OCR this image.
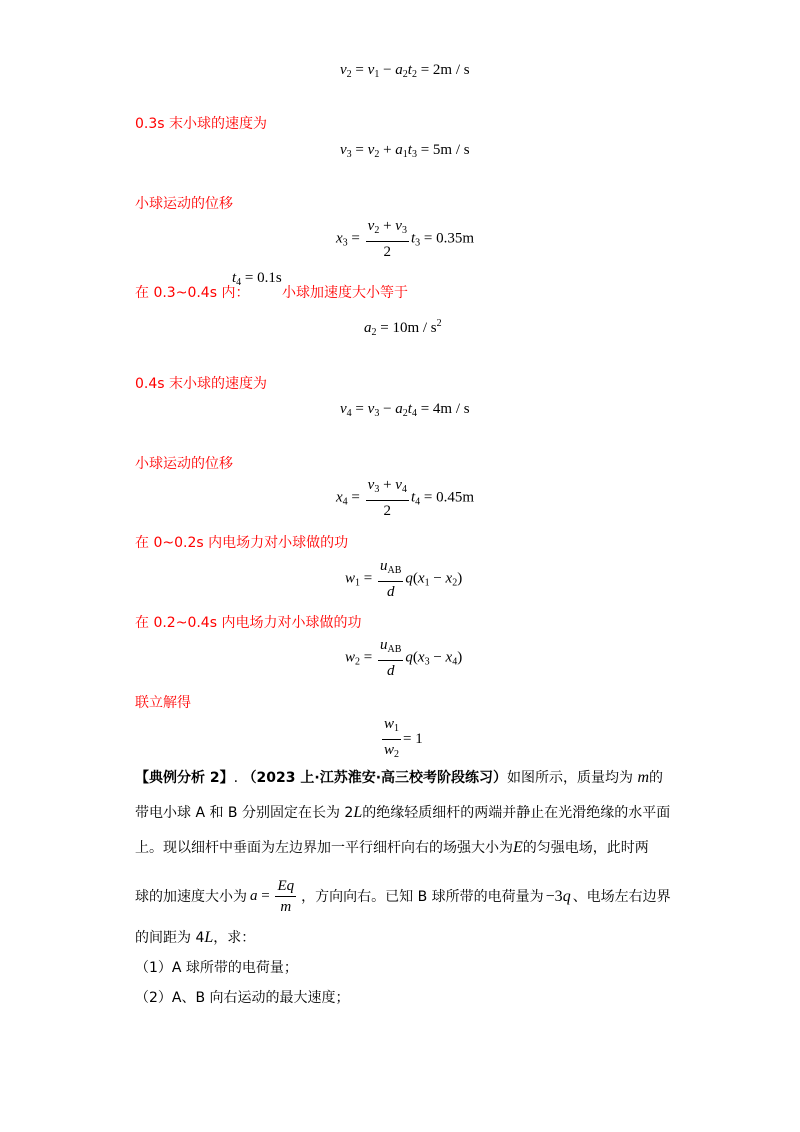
$v_2 = v_1 - a_2t_2 = 2m / s$
0.3s 末小球的速度为
$v_3 = v_2 + a_1t_3 = 5m / s$
小球运动的位移
$x_3 = \frac{v_2 + v_3}{2} t_3 = 0.35m$
在 0.3~0.4s 内：
$t_4 = 0.1s$
小球加速度大小等于
$a_2 = 10m / s^2$
0.4s 末小球的速度为
$v_4 = v_3 - a_2t_4 = 4m / s$
小球运动的位移
$x_4 = \frac{v_3 + v_4}{2} t_4 = 0.45m$
在 0~0.2s 内电场力对小球做的功
$w_1 = \frac{u_{AB}}{d} q(x_1 - x_2)$
在 0.2~0.4s 内电场力对小球做的功
$w_2 = \frac{u_{AB}}{d} q(x_3 - x_4)$
联立解得
$\frac{w_1}{w_2} = 1$
【典例分析 2】. （2023 上·江苏淮安·高三校考阶段练习）如图所示，质量均为 m的
带电小球 A 和 B 分别固定在长为 2L的绝缘轻质细杆的两端并静止在光滑绝缘的水平面
上。现以细杆中垂面为左边界加一平行细杆向右的场强大小为E的匀强电场，此时两
球的加速度大小为 $a = \frac{Eq}{m}$ ，方向向右。已知 B 球所带的电荷量为 −3q 、电场左右边界
的间距为 4L，求：
（1）A 球所带的电荷量；
（2）A、B 向右运动的最大速度；
